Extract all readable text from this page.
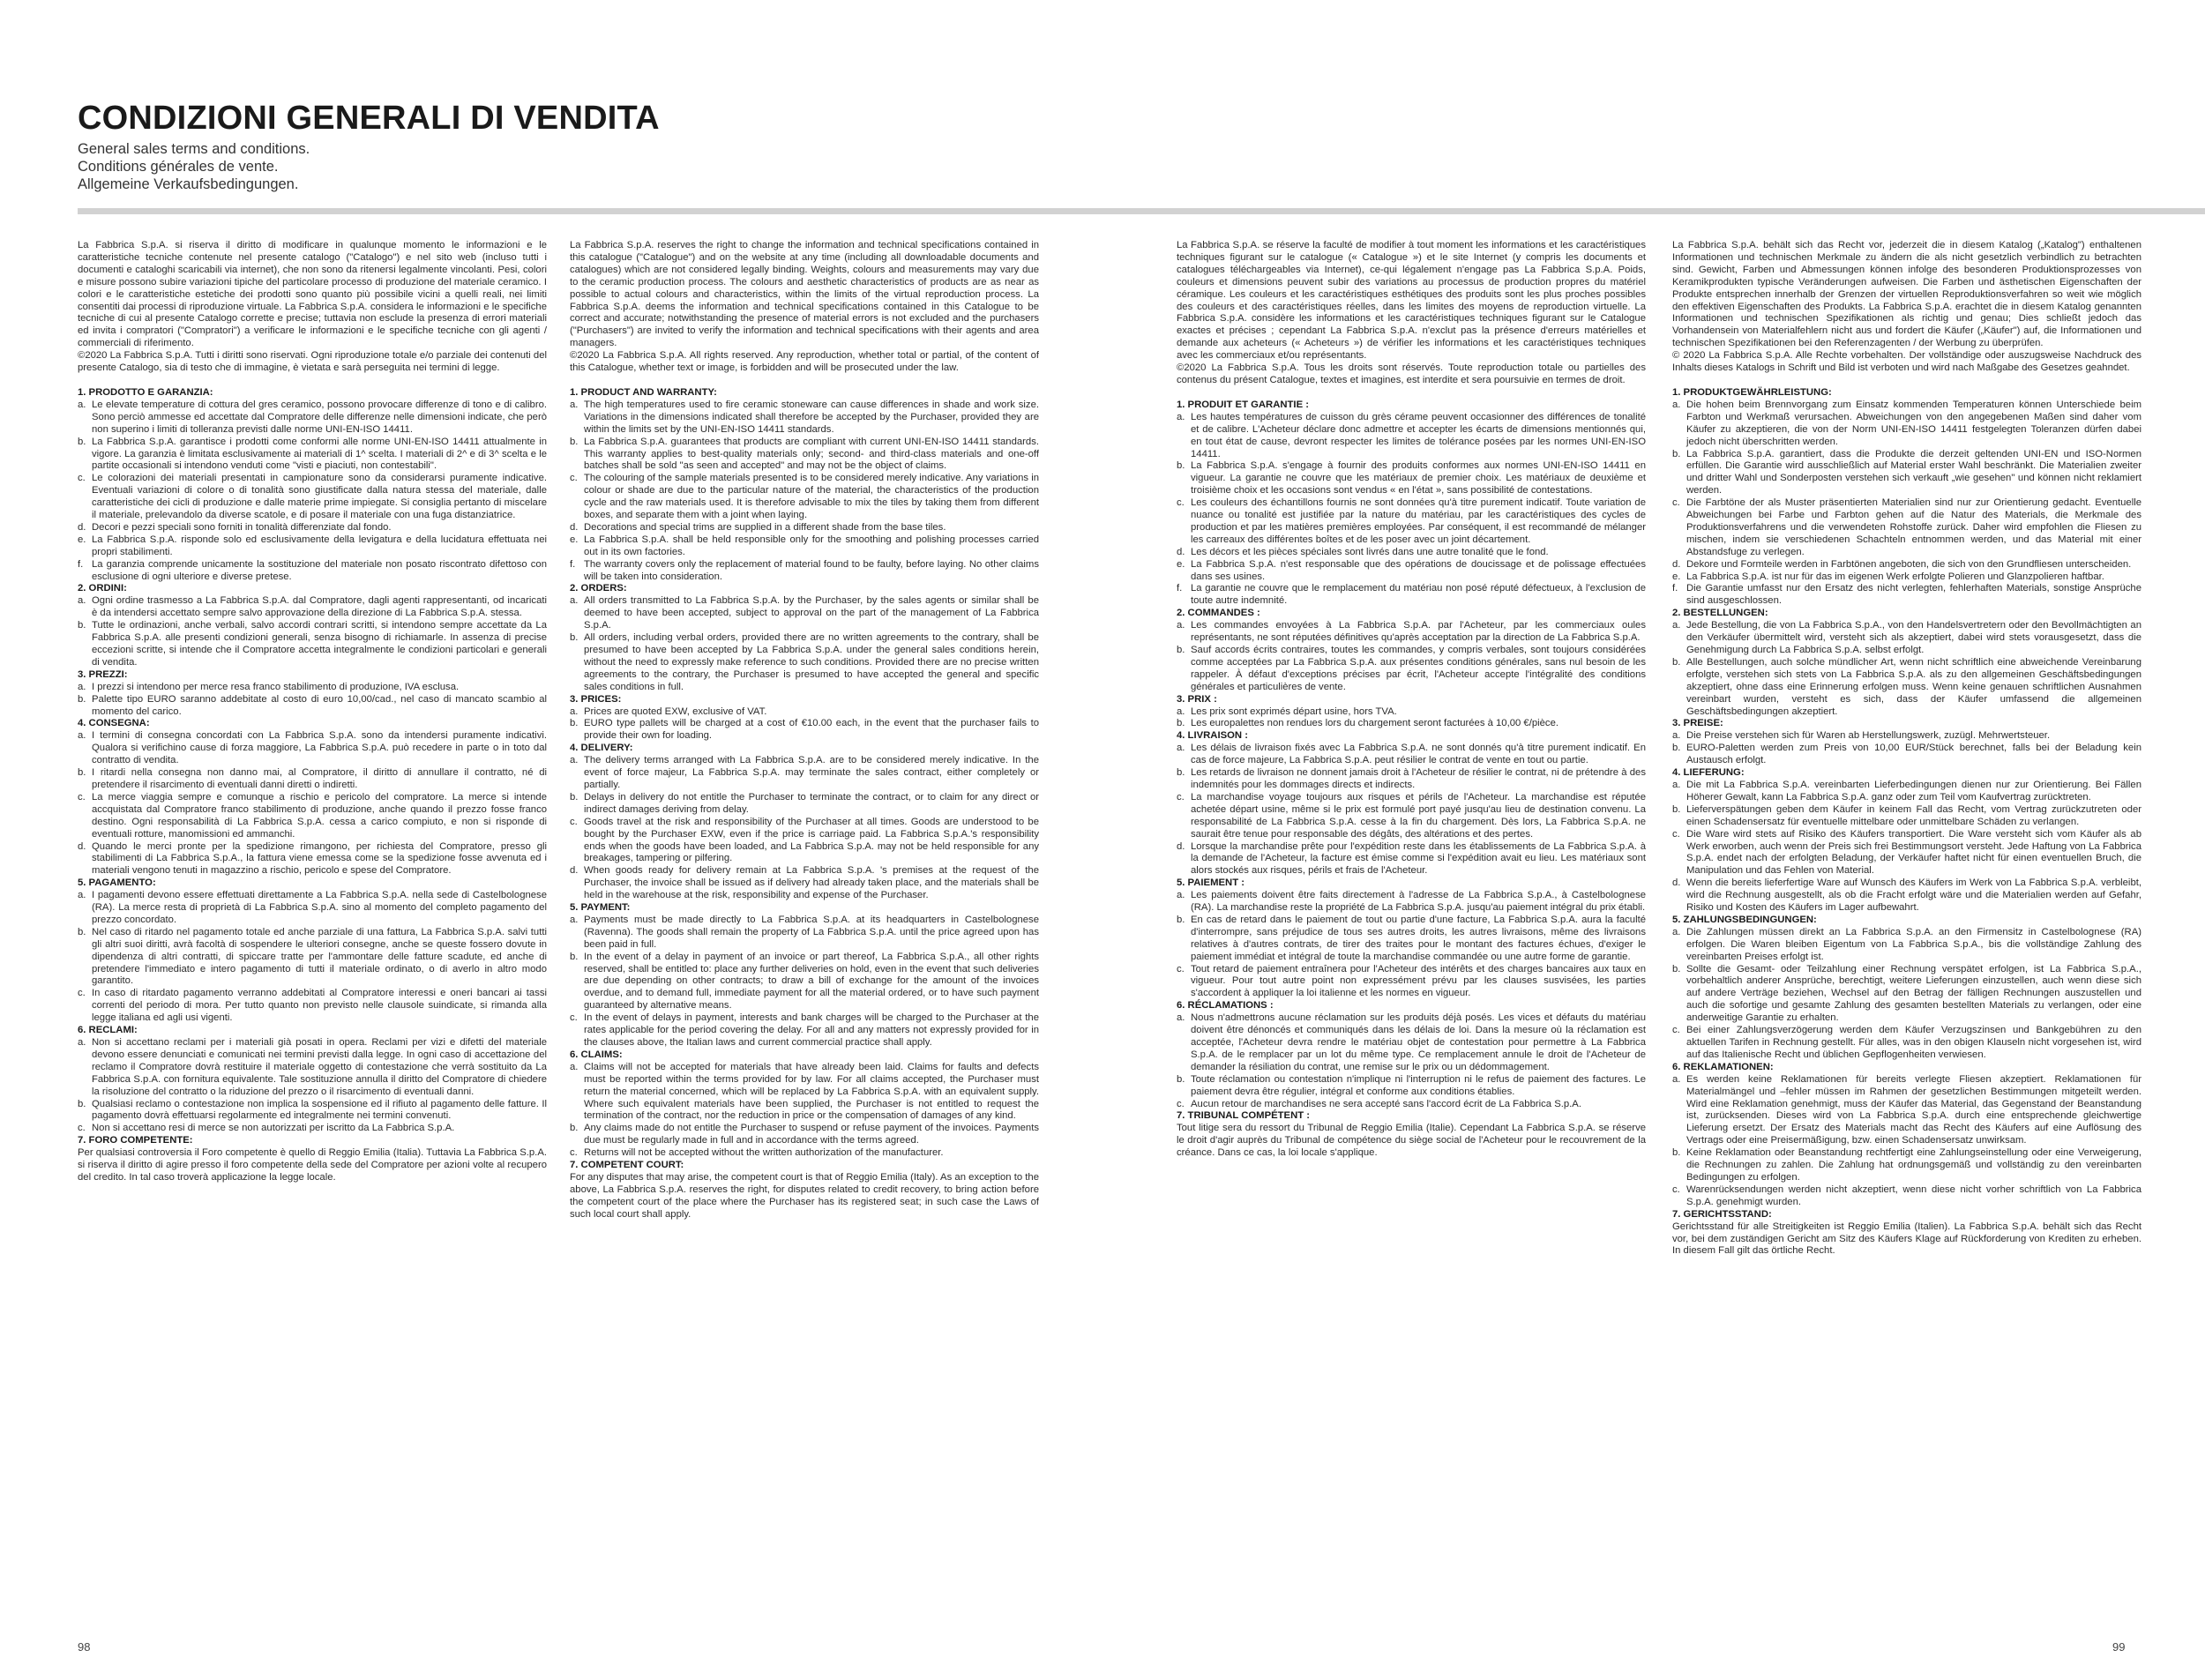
CONDIZIONI GENERALI DI VENDITA
General sales terms and conditions.
Conditions générales de vente.
Allgemeine Verkaufsbedingungen.

La Fabbrica S.p.A. si riserva il diritto di modificare in qualunque momento le informazioni e le caratteristiche tecniche contenute nel presente catalogo ("Catalogo") e nel sito web (incluso tutti i documenti e cataloghi scaricabili via internet), che non sono da ritenersi legalmente vincolanti. Pesi, colori e misure possono subire variazioni tipiche del particolare processo di produzione del materiale ceramico. I colori e le caratteristiche estetiche dei prodotti sono quanto più possibile vicini a quelli reali, nei limiti consentiti dai processi di riproduzione virtuale. La Fabbrica S.p.A. considera le informazioni e le specifiche tecniche di cui al presente Catalogo corrette e precise; tuttavia non esclude la presenza di errori materiali ed invita i compratori ("Compratori") a verificare le informazioni e le specifiche tecniche con gli agenti / commerciali di riferimento.

©2020 La Fabbrica S.p.A. Tutti i diritti sono riservati. Ogni riproduzione totale e/o parziale dei contenuti del presente Catalogo, sia di testo che di immagine, è vietata e sarà perseguita nei termini di legge.

1. PRODOTTO E GARANZIA:
a. Le elevate temperature di cottura del gres ceramico, possono provocare differenze di tono e di calibro. Sono perciò ammesse ed accettate dal Compratore delle differenze nelle dimensioni indicate, che però non superino i limiti di tolleranza previsti dalle norme UNI-EN-ISO 14411.
b. La Fabbrica S.p.A. garantisce i prodotti come conformi alle norme UNI-EN-ISO 14411 attualmente in vigore. La garanzia è limitata esclusivamente ai materiali di 1^ scelta. I materiali di 2^ e di 3^ scelta e le partite occasionali si intendono venduti come "visti e piaciuti, non contestabili".
c. Le colorazioni dei materiali presentati in campionature sono da considerarsi puramente indicative. Eventuali variazioni di colore o di tonalità sono giustificate dalla natura stessa del materiale, dalle caratteristiche dei cicli di produzione e dalle materie prime impiegate. Si consiglia pertanto di miscelare il materiale, prelevandolo da diverse scatole, e di posare il materiale con una fuga distanziatrice.
d. Decori e pezzi speciali sono forniti in tonalità differenziate dal fondo.
e. La Fabbrica S.p.A. risponde solo ed esclusivamente della levigatura e della lucidatura effettuata nei propri stabilimenti.
f. La garanzia comprende unicamente la sostituzione del materiale non posato riscontrato difettoso con esclusione di ogni ulteriore e diverse pretese.
2. ORDINI:
a. Ogni ordine trasmesso a La Fabbrica S.p.A. dal Compratore, dagli agenti rappresentanti, od incaricati è da intendersi accettato sempre salvo approvazione della direzione di La Fabbrica S.p.A. stessa.
b. Tutte le ordinazioni, anche verbali, salvo accordi contrari scritti, si intendono sempre accettate da La Fabbrica S.p.A. alle presenti condizioni generali, senza bisogno di richiamarle. In assenza di precise eccezioni scritte, si intende che il Compratore accetta integralmente le condizioni particolari e generali di vendita.
3. PREZZI:
a. I prezzi si intendono per merce resa franco stabilimento di produzione, IVA esclusa.
b. Palette tipo EURO saranno addebitate al costo di euro 10,00/cad., nel caso di mancato scambio al momento del carico.
4. CONSEGNA:
a. I termini di consegna concordati con La Fabbrica S.p.A. sono da intendersi puramente indicativi. Qualora si verifichino cause di forza maggiore, La Fabbrica S.p.A. può recedere in parte o in toto dal contratto di vendita.
b. I ritardi nella consegna non danno mai, al Compratore, il diritto di annullare il contratto, né di pretendere il risarcimento di eventuali danni diretti o indiretti.
c. La merce viaggia sempre e comunque a rischio e pericolo del compratore. La merce si intende accquistata dal Compratore franco stabilimento di produzione, anche quando il prezzo fosse franco destino. Ogni responsabilità di La Fabbrica S.p.A. cessa a carico compiuto, e non si risponde di eventuali rotture, manomissioni ed ammanchi.
d. Quando le merci pronte per la spedizione rimangono, per richiesta del Compratore, presso gli stabilimenti di La Fabbrica S.p.A., la fattura viene emessa come se la spedizione fosse avvenuta ed i materiali vengono tenuti in magazzino a rischio, pericolo e spese del Compratore.
5. PAGAMENTO:
a. I pagamenti devono essere effettuati direttamente a La Fabbrica S.p.A. nella sede di Castelbolognese (RA). La merce resta di proprietà di La Fabbrica S.p.A. sino al momento del completo pagamento del prezzo concordato.
b. Nel caso di ritardo nel pagamento totale ed anche parziale di una fattura, La Fabbrica S.p.A. salvi tutti gli altri suoi diritti, avrà facoltà di sospendere le ulteriori consegne, anche se queste fossero dovute in dipendenza di altri contratti, di spiccare tratte per l'ammontare delle fatture scadute, ed anche di pretendere l'immediato e intero pagamento di tutti il materiale ordinato, o di averlo in altro modo garantito.
c. In caso di ritardato pagamento verranno addebitati al Compratore interessi e oneri bancari ai tassi correnti del periodo di mora. Per tutto quanto non previsto nelle clausole suindicate, si rimanda alla legge italiana ed agli usi vigenti.
6. RECLAMI:
a. Non si accettano reclami per i materiali già posati in opera. Reclami per vizi e difetti del materiale devono essere denunciati e comunicati nei termini previsti dalla legge. In ogni caso di accettazione del reclamo il Compratore dovrà restituire il materiale oggetto di contestazione che verrà sostituito da La Fabbrica S.p.A. con fornitura equivalente. Tale sostituzione annulla il diritto del Compratore di chiedere la risoluzione del contratto o la riduzione del prezzo o il risarcimento di eventuali danni.
b. Qualsiasi reclamo o contestazione non implica la sospensione ed il rifiuto al pagamento delle fatture. Il pagamento dovrà effettuarsi regolarmente ed integralmente nei termini convenuti.
c. Non si accettano resi di merce se non autorizzati per iscritto da La Fabbrica S.p.A.
7. FORO COMPETENTE:
Per qualsiasi controversia il Foro competente è quello di Reggio Emilia (Italia). Tuttavia La Fabbrica S.p.A. si riserva il diritto di agire presso il foro competente della sede del Compratore per azioni volte al recupero del credito. In tal caso troverà applicazione la legge locale.

La Fabbrica S.p.A. reserves the right to change the information and technical specifications contained in this catalogue ("Catalogue") and on the website at any time (including all downloadable documents and catalogues) which are not considered legally binding. Weights, colours and measurements may vary due to the ceramic production process. The colours and aesthetic characteristics of products are as near as possible to actual colours and characteristics, within the limits of the virtual reproduction process. La Fabbrica S.p.A. deems the information and technical specifications contained in this Catalogue to be correct and accurate; notwithstanding the presence of material errors is not excluded and the purchasers ("Purchasers") are invited to verify the information and technical specifications with their agents and area managers.

©2020 La Fabbrica S.p.A. All rights reserved. Any reproduction, whether total or partial, of the content of this Catalogue, whether text or image, is forbidden and will be prosecuted under the law.

1. PRODUCT AND WARRANTY:
a. The high temperatures used to fire ceramic stoneware can cause differences in shade and work size. Variations in the dimensions indicated shall therefore be accepted by the Purchaser, provided they are within the limits set by the UNI-EN-ISO 14411 standards.
b. La Fabbrica S.p.A. guarantees that products are compliant with current UNI-EN-ISO 14411 standards. This warranty applies to best-quality materials only; second- and third-class materials and one-off batches shall be sold "as seen and accepted" and may not be the object of claims.
c. The colouring of the sample materials presented is to be considered merely indicative. Any variations in colour or shade are due to the particular nature of the material, the characteristics of the production cycle and the raw materials used. It is therefore advisable to mix the tiles by taking them from different boxes, and separate them with a joint when laying.
d. Decorations and special trims are supplied in a different shade from the base tiles.
e. La Fabbrica S.p.A. shall be held responsible only for the smoothing and polishing processes carried out in its own factories.
f. The warranty covers only the replacement of material found to be faulty, before laying. No other claims will be taken into consideration.
2. ORDERS:
a. All orders transmitted to La Fabbrica S.p.A. by the Purchaser, by the sales agents or similar shall be deemed to have been accepted, subject to approval on the part of the management of La Fabbrica S.p.A.
b. All orders, including verbal orders, provided there are no written agreements to the contrary, shall be presumed to have been accepted by La Fabbrica S.p.A. under the general sales conditions herein, without the need to expressly make reference to such conditions. Provided there are no precise written agreements to the contrary, the Purchaser is presumed to have accepted the general and specific sales conditions in full.
3. PRICES:
a. Prices are quoted EXW, exclusive of VAT.
b. EURO type pallets will be charged at a cost of €10.00 each, in the event that the purchaser fails to provide their own for loading.
4. DELIVERY:
a. The delivery terms arranged with La Fabbrica S.p.A. are to be considered merely indicative. In the event of force majeur, La Fabbrica S.p.A. may terminate the sales contract, either completely or partially.
b. Delays in delivery do not entitle the Purchaser to terminate the contract, or to claim for any direct or indirect damages deriving from delay.
c. Goods travel at the risk and responsibility of the Purchaser at all times. Goods are understood to be bought by the Purchaser EXW, even if the price is carriage paid. La Fabbrica S.p.A.'s responsibility ends when the goods have been loaded, and La Fabbrica S.p.A. may not be held responsible for any breakages, tampering or pilfering.
d. When goods ready for delivery remain at La Fabbrica S.p.A. 's premises at the request of the Purchaser, the invoice shall be issued as if delivery had already taken place, and the materials shall be held in the warehouse at the risk, responsibility and expense of the Purchaser.
5. PAYMENT:
a. Payments must be made directly to La Fabbrica S.p.A. at its headquarters in Castelbolognese (Ravenna). The goods shall remain the property of La Fabbrica S.p.A. until the price agreed upon has been paid in full.
b. In the event of a delay in payment of an invoice or part thereof, La Fabbrica S.p.A., all other rights reserved, shall be entitled to: place any further deliveries on hold, even in the event that such deliveries are due depending on other contracts; to draw a bill of exchange for the amount of the invoices overdue, and to demand full, immediate payment for all the material ordered, or to have such payment guaranteed by alternative means.
c. In the event of delays in payment, interests and bank charges will be charged to the Purchaser at the rates applicable for the period covering the delay. For all and any matters not expressly provided for in the clauses above, the Italian laws and current commercial practice shall apply.
6. CLAIMS:
a. Claims will not be accepted for materials that have already been laid. Claims for faults and defects must be reported within the terms provided for by law. For all claims accepted, the Purchaser must return the material concerned, which will be replaced by La Fabbrica S.p.A. with an equivalent supply. Where such equivalent materials have been supplied, the Purchaser is not entitled to request the termination of the contract, nor the reduction in price or the compensation of damages of any kind.
b. Any claims made do not entitle the Purchaser to suspend or refuse payment of the invoices. Payments due must be regularly made in full and in accordance with the terms agreed.
c. Returns will not be accepted without the written authorization of the manufacturer.
7. COMPETENT COURT:
For any disputes that may arise, the competent court is that of Reggio Emilia (Italy). As an exception to the above, La Fabbrica S.p.A. reserves the right, for disputes related to credit recovery, to bring action before the competent court of the place where the Purchaser has its registered seat; in such case the Laws of such local court shall apply.
98

La Fabbrica S.p.A. se réserve la faculté de modifier à tout moment les informations et les caractéristiques techniques figurant sur le catalogue (« Catalogue ») et le site Internet (y compris les documents et catalogues téléchargeables via Internet), ce-qui légalement n'engage pas La Fabbrica S.p.A. Poids, couleurs et dimensions peuvent subir des variations au processus de production propres du matériel céramique. Les couleurs et les caractéristiques esthétiques des produits sont les plus proches possibles des couleurs et des caractéristiques réelles, dans les limites des moyens de reproduction virtuelle. La Fabbrica S.p.A. considère les informations et les caractéristiques techniques figurant sur le Catalogue exactes et précises ; cependant La Fabbrica S.p.A. n'exclut pas la présence d'erreurs matérielles et demande aux acheteurs (« Acheteurs ») de vérifier les informations et les caractéristiques techniques avec les commerciaux et/ou représentants.

©2020 La Fabbrica S.p.A. Tous les droits sont réservés. Toute reproduction totale ou partielles des contenus du présent Catalogue, textes et imagines, est interdite et sera poursuivie en termes de droit.

1. PRODUIT ET GARANTIE :
a. Les hautes températures de cuisson du grès cérame peuvent occasionner des différences de tonalité et de calibre. L'Acheteur déclare donc admettre et accepter les écarts de dimensions mentionnés qui, en tout état de cause, devront respecter les limites de tolérance posées par les normes UNI-EN-ISO 14411.
b. La Fabbrica S.p.A. s'engage à fournir des produits conformes aux normes UNI-EN-ISO 14411 en vigueur. La garantie ne couvre que les matériaux de premier choix. Les matériaux de deuxième et troisième choix et les occasions sont vendus « en l'état », sans possibilité de contestations.
c. Les couleurs des échantillons fournis ne sont données qu'à titre purement indicatif. Toute variation de nuance ou tonalité est justifiée par la nature du matériau, par les caractéristiques des cycles de production et par les matières premières employées. Par conséquent, il est recommandé de mélanger les carreaux des différentes boîtes et de les poser avec un joint décartement.
d. Les décors et les pièces spéciales sont livrés dans une autre tonalité que le fond.
e. La Fabbrica S.p.A. n'est responsable que des opérations de doucissage et de polissage effectuées dans ses usines.
f. La garantie ne couvre que le remplacement du matériau non posé réputé défectueux, à l'exclusion de toute autre indemnité.
2. COMMANDES :
a. Les commandes envoyées à La Fabbrica S.p.A. par l'Acheteur, par les commerciaux oules représentants, ne sont réputées définitives qu'après acceptation par la direction de La Fabbrica S.p.A.
b. Sauf accords écrits contraires, toutes les commandes, y compris verbales, sont toujours considérées comme acceptées par La Fabbrica S.p.A. aux présentes conditions générales, sans nul besoin de les rappeler. À défaut d'exceptions précises par écrit, l'Acheteur accepte l'intégralité des conditions générales et particulières de vente.
3. PRIX :
a. Les prix sont exprimés départ usine, hors TVA.
b. Les europalettes non rendues lors du chargement seront facturées à 10,00 €/pièce.
4. LIVRAISON :
a. Les délais de livraison fixés avec La Fabbrica S.p.A. ne sont donnés qu'à titre purement indicatif. En cas de force majeure, La Fabbrica S.p.A. peut résilier le contrat de vente en tout ou partie.
b. Les retards de livraison ne donnent jamais droit à l'Acheteur de résilier le contrat, ni de prétendre à des indemnités pour les dommages directs et indirects.
c. La marchandise voyage toujours aux risques et périls de l'Acheteur. La marchandise est réputée achetée départ usine, même si le prix est formulé port payé jusqu'au lieu de destination convenu. La responsabilité de La Fabbrica S.p.A. cesse à la fin du chargement. Dès lors, La Fabbrica S.p.A. ne saurait être tenue pour responsable des dégâts, des altérations et des pertes.
d. Lorsque la marchandise prête pour l'expédition reste dans les établissements de La Fabbrica S.p.A. à la demande de l'Acheteur, la facture est émise comme si l'expédition avait eu lieu. Les matériaux sont alors stockés aux risques, périls et frais de l'Acheteur.
5. PAIEMENT :
a. Les paiements doivent être faits directement à l'adresse de La Fabbrica S.p.A., à Castelbolognese (RA). La marchandise reste la propriété de La Fabbrica S.p.A. jusqu'au paiement intégral du prix établi.
b. En cas de retard dans le paiement de tout ou partie d'une facture, La Fabbrica S.p.A. aura la faculté d'interrompre, sans préjudice de tous ses autres droits, les autres livraisons, même des livraisons relatives à d'autres contrats, de tirer des traites pour le montant des factures échues, d'exiger le paiement immédiat et intégral de toute la marchandise commandée ou une autre forme de garantie.
c. Tout retard de paiement entraînera pour l'Acheteur des intérêts et des charges bancaires aux taux en vigueur. Pour tout autre point non expressément prévu par les clauses susvisées, les parties s'accordent à appliquer la loi italienne et les normes en vigueur.
6. RÉCLAMATIONS :
a. Nous n'admettrons aucune réclamation sur les produits déjà posés. Les vices et défauts du matériau doivent être dénoncés et communiqués dans les délais de loi. Dans la mesure où la réclamation est acceptée, l'Acheteur devra rendre le matériau objet de contestation pour permettre à La Fabbrica S.p.A. de le remplacer par un lot du même type. Ce remplacement annule le droit de l'Acheteur de demander la résiliation du contrat, une remise sur le prix ou un dédommagement.
b. Toute réclamation ou contestation n'implique ni l'interruption ni le refus de paiement des factures. Le paiement devra être régulier, intégral et conforme aux conditions établies.
c. Aucun retour de marchandises ne sera accepté sans l'accord écrit de La Fabbrica S.p.A.
7. TRIBUNAL COMPÉTENT :
Tout litige sera du ressort du Tribunal de Reggio Emilia (Italie). Cependant La Fabbrica S.p.A. se réserve le droit d'agir auprès du Tribunal de compétence du siège social de l'Acheteur pour le recouvrement de la créance. Dans ce cas, la loi locale s'applique.

La Fabbrica S.p.A. behält sich das Recht vor, jederzeit die in diesem Katalog („Katalog") enthaltenen Informationen und technischen Merkmale zu ändern die als nicht gesetzlich verbindlich zu betrachten sind. Gewicht, Farben und Abmessungen können infolge des besonderen Produktionsprozesses von Keramikprodukten typische Veränderungen aufweisen. Die Farben und ästhetischen Eigenschaften der Produkte entsprechen innerhalb der Grenzen der virtuellen Reproduktionsverfahren so weit wie möglich den effektiven Eigenschaften des Produkts. La Fabbrica S.p.A. erachtet die in diesem Katalog genannten Informationen und technischen Spezifikationen als richtig und genau; Dies schließt jedoch das Vorhandensein von Materialfehlern nicht aus und fordert die Käufer („Käufer") auf, die Informationen und technischen Spezifikationen bei den Referenzagenten / der Werbung zu überprüfen.

© 2020 La Fabbrica S.p.A. Alle Rechte vorbehalten. Der vollständige oder auszugsweise Nachdruck des Inhalts dieses Katalogs in Schrift und Bild ist verboten und wird nach Maßgabe des Gesetzes geahndet.

1. PRODUKTGEWÄHRLEISTUNG:
a. Die hohen beim Brennvorgang zum Einsatz kommenden Temperaturen können Unterschiede beim Farbton und Werkmaß verursachen. Abweichungen von den angegebenen Maßen sind daher vom Käufer zu akzeptieren, die von der Norm UNI-EN-ISO 14411 festgelegten Toleranzen dürfen dabei jedoch nicht überschritten werden.
b. La Fabbrica S.p.A. garantiert, dass die Produkte die derzeit geltenden UNI-EN und ISO-Normen erfüllen. Die Garantie wird ausschließlich auf Material erster Wahl beschränkt. Die Materialien zweiter und dritter Wahl und Sonderposten verstehen sich verkauft „wie gesehen" und können nicht reklamiert werden.
c. Die Farbtöne der als Muster präsentierten Materialien sind nur zur Orientierung gedacht. Eventuelle Abweichungen bei Farbe und Farbton gehen auf die Natur des Materials, die Merkmale des Produktionsverfahrens und die verwendeten Rohstoffe zurück. Daher wird empfohlen die Fliesen zu mischen, indem sie verschiedenen Schachteln entnommen werden, und das Material mit einer Abstandsfuge zu verlegen.
d. Dekore und Formteile werden in Farbtönen angeboten, die sich von den Grundfliesen unterscheiden.
e. La Fabbrica S.p.A. ist nur für das im eigenen Werk erfolgte Polieren und Glanzpolieren haftbar.
f. Die Garantie umfasst nur den Ersatz des nicht verlegten, fehlerhaften Materials, sonstige Ansprüche sind ausgeschlossen.
2. BESTELLUNGEN:
a. Jede Bestellung, die von La Fabbrica S.p.A., von den Handelsvertretern oder den Bevollmächtigten an den Verkäufer übermittelt wird, versteht sich als akzeptiert, dabei wird stets vorausgesetzt, dass die Genehmigung durch La Fabbrica S.p.A. selbst erfolgt.
b. Alle Bestellungen, auch solche mündlicher Art, wenn nicht schriftlich eine abweichende Vereinbarung erfolgte, verstehen sich stets von La Fabbrica S.p.A. als zu den allgemeinen Geschäftsbedingungen akzeptiert, ohne dass eine Erinnerung erfolgen muss. Wenn keine genauen schriftlichen Ausnahmen vereinbart wurden, versteht es sich, dass der Käufer umfassend die allgemeinen Geschäftsbedingungen akzeptiert.
3. PREISE:
a. Die Preise verstehen sich für Waren ab Herstellungswerk, zuzügl. Mehrwertsteuer.
b. EURO-Paletten werden zum Preis von 10,00 EUR/Stück berechnet, falls bei der Beladung kein Austausch erfolgt.
4. LIEFERUNG:
a. Die mit La Fabbrica S.p.A. vereinbarten Lieferbedingungen dienen nur zur Orientierung. Bei Fällen Höherer Gewalt, kann La Fabbrica S.p.A. ganz oder zum Teil vom Kaufvertrag zurücktreten.
b. Lieferverspätungen geben dem Käufer in keinem Fall das Recht, vom Vertrag zurückzutreten oder einen Schadensersatz für eventuelle mittelbare oder unmittelbare Schäden zu verlangen.
c. Die Ware wird stets auf Risiko des Käufers transportiert. Die Ware versteht sich vom Käufer als ab Werk erworben, auch wenn der Preis sich frei Bestimmungsort versteht. Jede Haftung von La Fabbrica S.p.A. endet nach der erfolgten Beladung, der Verkäufer haftet nicht für einen eventuellen Bruch, die Manipulation und das Fehlen von Material.
d. Wenn die bereits lieferfertige Ware auf Wunsch des Käufers im Werk von La Fabbrica S.p.A. verbleibt, wird die Rechnung ausgestellt, als ob die Fracht erfolgt wäre und die Materialien werden auf Gefahr, Risiko und Kosten des Käufers im Lager aufbewahrt.
5. ZAHLUNGSBEDINGUNGEN:
a. Die Zahlungen müssen direkt an La Fabbrica S.p.A. an den Firmensitz in Castelbolognese (RA) erfolgen. Die Waren bleiben Eigentum von La Fabbrica S.p.A., bis die vollständige Zahlung des vereinbarten Preises erfolgt ist.
b. Sollte die Gesamt- oder Teilzahlung einer Rechnung verspätet erfolgen, ist La Fabbrica S.p.A., vorbehaltlich anderer Ansprüche, berechtigt, weitere Lieferungen einzustellen, auch wenn diese sich auf andere Verträge beziehen, Wechsel auf den Betrag der fälligen Rechnungen auszustellen und auch die sofortige und gesamte Zahlung des gesamten bestellten Materials zu verlangen, oder eine anderweitige Garantie zu erhalten.
c. Bei einer Zahlungsverzögerung werden dem Käufer Verzugszinsen und Bankgebühren zu den aktuellen Tarifen in Rechnung gestellt. Für alles, was in den obigen Klauseln nicht vorgesehen ist, wird auf das Italienische Recht und üblichen Gepflogenheiten verwiesen.
6. REKLAMATIONEN:
a. Es werden keine Reklamationen für bereits verlegte Fliesen akzeptiert. Reklamationen für Materialmängel und –fehler müssen im Rahmen der gesetzlichen Bestimmungen mitgeteilt werden. Wird eine Reklamation genehmigt, muss der Käufer das Material, das Gegenstand der Beanstandung ist, zurücksenden. Dieses wird von La Fabbrica S.p.A. durch eine entsprechende gleichwertige Lieferung ersetzt. Der Ersatz des Materials macht das Recht des Käufers auf eine Auflösung des Vertrags oder eine Preisermäßigung, bzw. einen Schadensersatz unwirksam.
b. Keine Reklamation oder Beanstandung rechtfertigt eine Zahlungseinstellung oder eine Verweigerung, die Rechnungen zu zahlen. Die Zahlung hat ordnungsgemäß und vollständig zu den vereinbarten Bedingungen zu erfolgen.
c. Warenrücksendungen werden nicht akzeptiert, wenn diese nicht vorher schriftlich von La Fabbrica S.p.A. genehmigt wurden.
7. GERICHTSSTAND:
Gerichtsstand für alle Streitigkeiten ist Reggio Emilia (Italien). La Fabbrica S.p.A. behält sich das Recht vor, bei dem zuständigen Gericht am Sitz des Käufers Klage auf Rückforderung von Krediten zu erheben. In diesem Fall gilt das örtliche Recht.
99
